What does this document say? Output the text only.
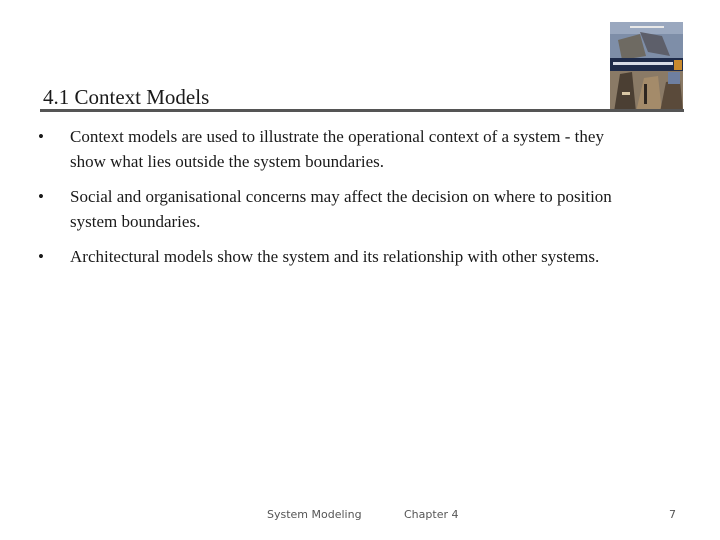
4.1 Context Models
•	Context models are used to illustrate the operational context of a system - they show what lies outside the system boundaries.
•	Social and organisational concerns may affect the decision on where to position system boundaries.
•	Architectural models show the system and its relationship with other systems.
System Modeling	Chapter 4	7
